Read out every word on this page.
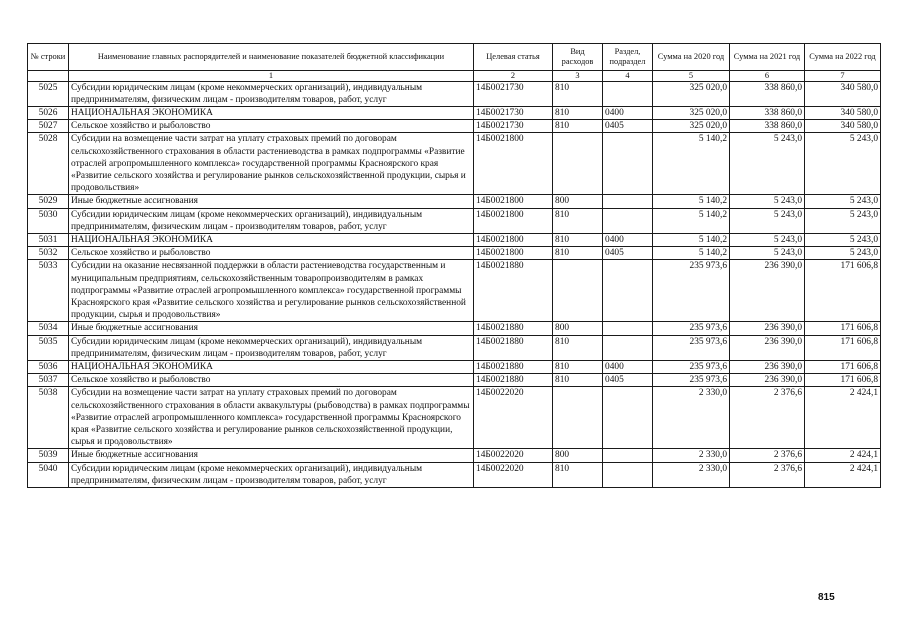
№ строки	Наименование главных распорядителей и наименование показателей бюджетной классификации	Целевая статья	Вид расходов	Раздел, подраздел	Сумма на 2020 год	Сумма на 2021 год	Сумма на 2022 год
	1	2	3	4	5	6	7
5025	Субсидии юридическим лицам (кроме некоммерческих организаций), индивидуальным предпринимателям, физическим лицам - производителям товаров, работ, услуг	14Б0021730	810		325 020,0	338 860,0	340 580,0
5026	НАЦИОНАЛЬНАЯ ЭКОНОМИКА	14Б0021730	810	0400	325 020,0	338 860,0	340 580,0
5027	Сельское хозяйство и рыболовство	14Б0021730	810	0405	325 020,0	338 860,0	340 580,0
5028	Субсидии на возмещение части затрат на уплату страховых премий по договорам сельскохозяйственного страхования в области растениеводства в рамках подпрограммы «Развитие отраслей агропромышленного комплекса» государственной программы Красноярского края «Развитие сельского хозяйства и регулирование рынков сельскохозяйственной продукции, сырья и продовольствия»	14Б0021800			5 140,2	5 243,0	5 243,0
5029	Иные бюджетные ассигнования	14Б0021800	800		5 140,2	5 243,0	5 243,0
5030	Субсидии юридическим лицам (кроме некоммерческих организаций), индивидуальным предпринимателям, физическим лицам - производителям товаров, работ, услуг	14Б0021800	810		5 140,2	5 243,0	5 243,0
5031	НАЦИОНАЛЬНАЯ ЭКОНОМИКА	14Б0021800	810	0400	5 140,2	5 243,0	5 243,0
5032	Сельское хозяйство и рыболовство	14Б0021800	810	0405	5 140,2	5 243,0	5 243,0
5033	Субсидии на оказание несвязанной поддержки в области растениеводства государственным и муниципальным предприятиям, сельскохозяйственным товаропроизводителям в рамках подпрограммы «Развитие отраслей агропромышленного комплекса» государственной программы Красноярского края «Развитие сельского хозяйства и регулирование рынков сельскохозяйственной продукции, сырья и продовольствия»	14Б0021880			235 973,6	236 390,0	171 606,8
5034	Иные бюджетные ассигнования	14Б0021880	800		235 973,6	236 390,0	171 606,8
5035	Субсидии юридическим лицам (кроме некоммерческих организаций), индивидуальным предпринимателям, физическим лицам - производителям товаров, работ, услуг	14Б0021880	810		235 973,6	236 390,0	171 606,8
5036	НАЦИОНАЛЬНАЯ ЭКОНОМИКА	14Б0021880	810	0400	235 973,6	236 390,0	171 606,8
5037	Сельское хозяйство и рыболовство	14Б0021880	810	0405	235 973,6	236 390,0	171 606,8
5038	Субсидии на возмещение части затрат на уплату страховых премий по договорам сельскохозяйственного страхования в области аквакультуры (рыбоводства) в рамках подпрограммы «Развитие отраслей агропромышленного комплекса» государственной программы Красноярского края «Развитие сельского хозяйства и регулирование рынков сельскохозяйственной продукции, сырья и продовольствия»	14Б0022020			2 330,0	2 376,6	2 424,1
5039	Иные бюджетные ассигнования	14Б0022020	800		2 330,0	2 376,6	2 424,1
5040	Субсидии юридическим лицам (кроме некоммерческих организаций), индивидуальным предпринимателям, физическим лицам - производителям товаров, работ, услуг	14Б0022020	810		2 330,0	2 376,6	2 424,1
815
